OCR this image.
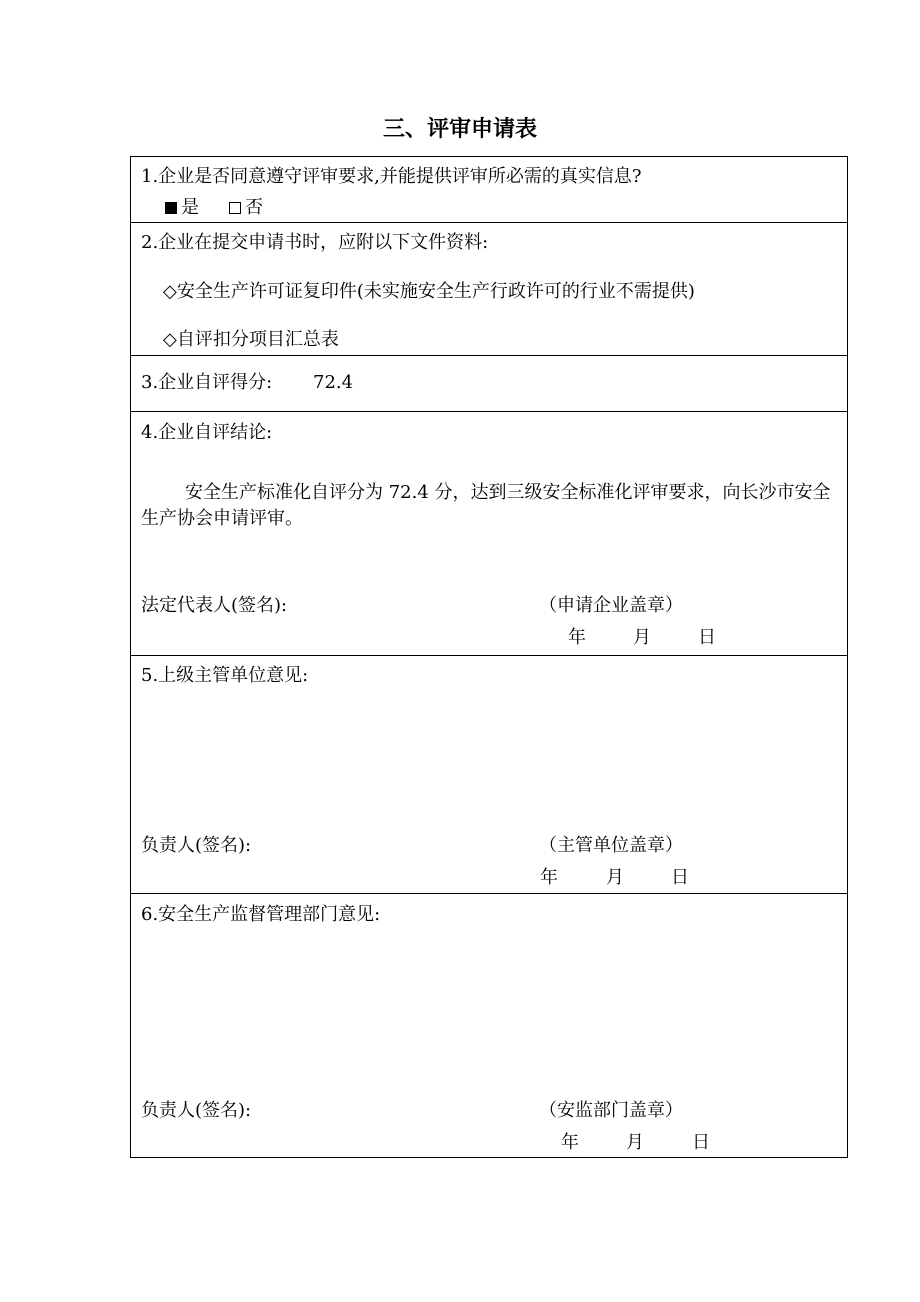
三、评审申请表
1.企业是否同意遵守评审要求,并能提供评审所必需的真实信息?
是	否
2.企业在提交申请书时，应附以下文件资料:
◇安全生产许可证复印件(未实施安全生产行政许可的行业不需提供)
◇自评扣分项目汇总表
3.企业自评得分: 72.4
4.企业自评结论:
安全生产标准化自评分为 72.4 分，达到三级安全标准化评审要求，向长沙市安全生产协会申请评审。
法定代表人(签名):	（申请企业盖章）
年	月	日
5.上级主管单位意见:
负责人(签名):	（主管单位盖章）
年	月	日
6.安全生产监督管理部门意见:
负责人(签名):	（安监部门盖章）
年	月	日
